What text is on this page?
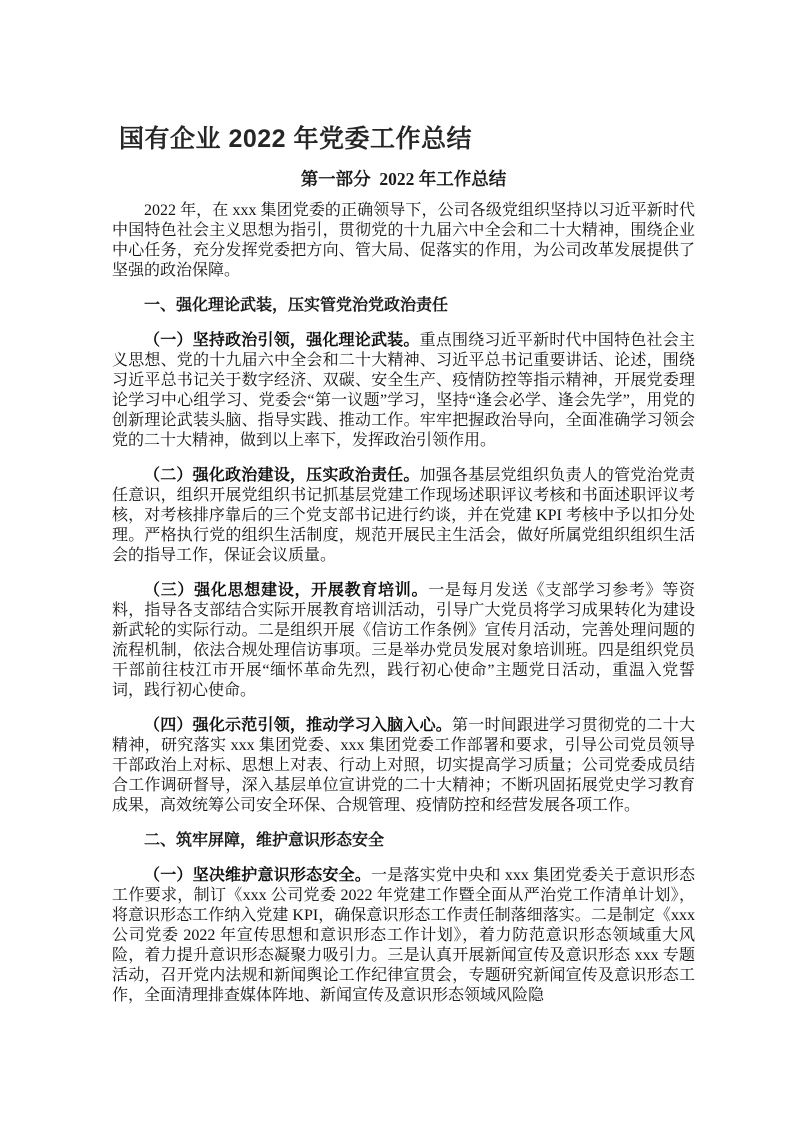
国有企业 2022 年党委工作总结
第一部分  2022 年工作总结

2022 年，在 xxx 集团党委的正确领导下，公司各级党组织坚持以习近平新时代中国特色社会主义思想为指引，贯彻党的十九届六中全会和二十大精神，围绕企业中心任务，充分发挥党委把方向、管大局、促落实的作用，为公司改革发展提供了坚强的政治保障。

一、强化理论武装，压实管党治党政治责任

（一）坚持政治引领，强化理论武装。重点围绕习近平新时代中国特色社会主义思想、党的十九届六中全会和二十大精神、习近平总书记重要讲话、论述，围绕习近平总书记关于数字经济、双碳、安全生产、疫情防控等指示精神，开展党委理论学习中心组学习、党委会“第一议题”学习，坚持“逢会必学、逢会先学”，用党的创新理论武装头脑、指导实践、推动工作。牢牢把握政治导向，全面准确学习领会党的二十大精神，做到以上率下，发挥政治引领作用。

（二）强化政治建设，压实政治责任。加强各基层党组织负责人的管党治党责任意识，组织开展党组织书记抓基层党建工作现场述职评议考核和书面述职评议考核，对考核排序靠后的三个党支部书记进行约谈，并在党建 KPI 考核中予以扣分处理。严格执行党的组织生活制度，规范开展民主生活会，做好所属党组织组织生活会的指导工作，保证会议质量。

（三）强化思想建设，开展教育培训。一是每月发送《支部学习参考》等资料，指导各支部结合实际开展教育培训活动，引导广大党员将学习成果转化为建设新武轮的实际行动。二是组织开展《信访工作条例》宣传月活动，完善处理问题的流程机制，依法合规处理信访事项。三是举办党员发展对象培训班。四是组织党员干部前往枝江市开展“缅怀革命先烈，践行初心使命”主题党日活动，重温入党誓词，践行初心使命。

（四）强化示范引领，推动学习入脑入心。第一时间跟进学习贯彻党的二十大精神，研究落实 xxx 集团党委、xxx 集团党委工作部署和要求，引导公司党员领导干部政治上对标、思想上对表、行动上对照，切实提高学习质量；公司党委成员结合工作调研督导，深入基层单位宣讲党的二十大精神；不断巩固拓展党史学习教育成果，高效统筹公司安全环保、合规管理、疫情防控和经营发展各项工作。

二、筑牢屏障，维护意识形态安全

（一）坚决维护意识形态安全。一是落实党中央和 xxx 集团党委关于意识形态工作要求，制订《xxx 公司党委 2022 年党建工作暨全面从严治党工作清单计划》，将意识形态工作纳入党建 KPI，确保意识形态工作责任制落细落实。二是制定《xxx 公司党委 2022 年宣传思想和意识形态工作计划》，着力防范意识形态领域重大风险，着力提升意识形态凝聚力吸引力。三是认真开展新闻宣传及意识形态 xxx 专题活动，召开党内法规和新闻舆论工作纪律宣贯会，专题研究新闻宣传及意识形态工作，全面清理排查媒体阵地、新闻宣传及意识形态领域风险隐
